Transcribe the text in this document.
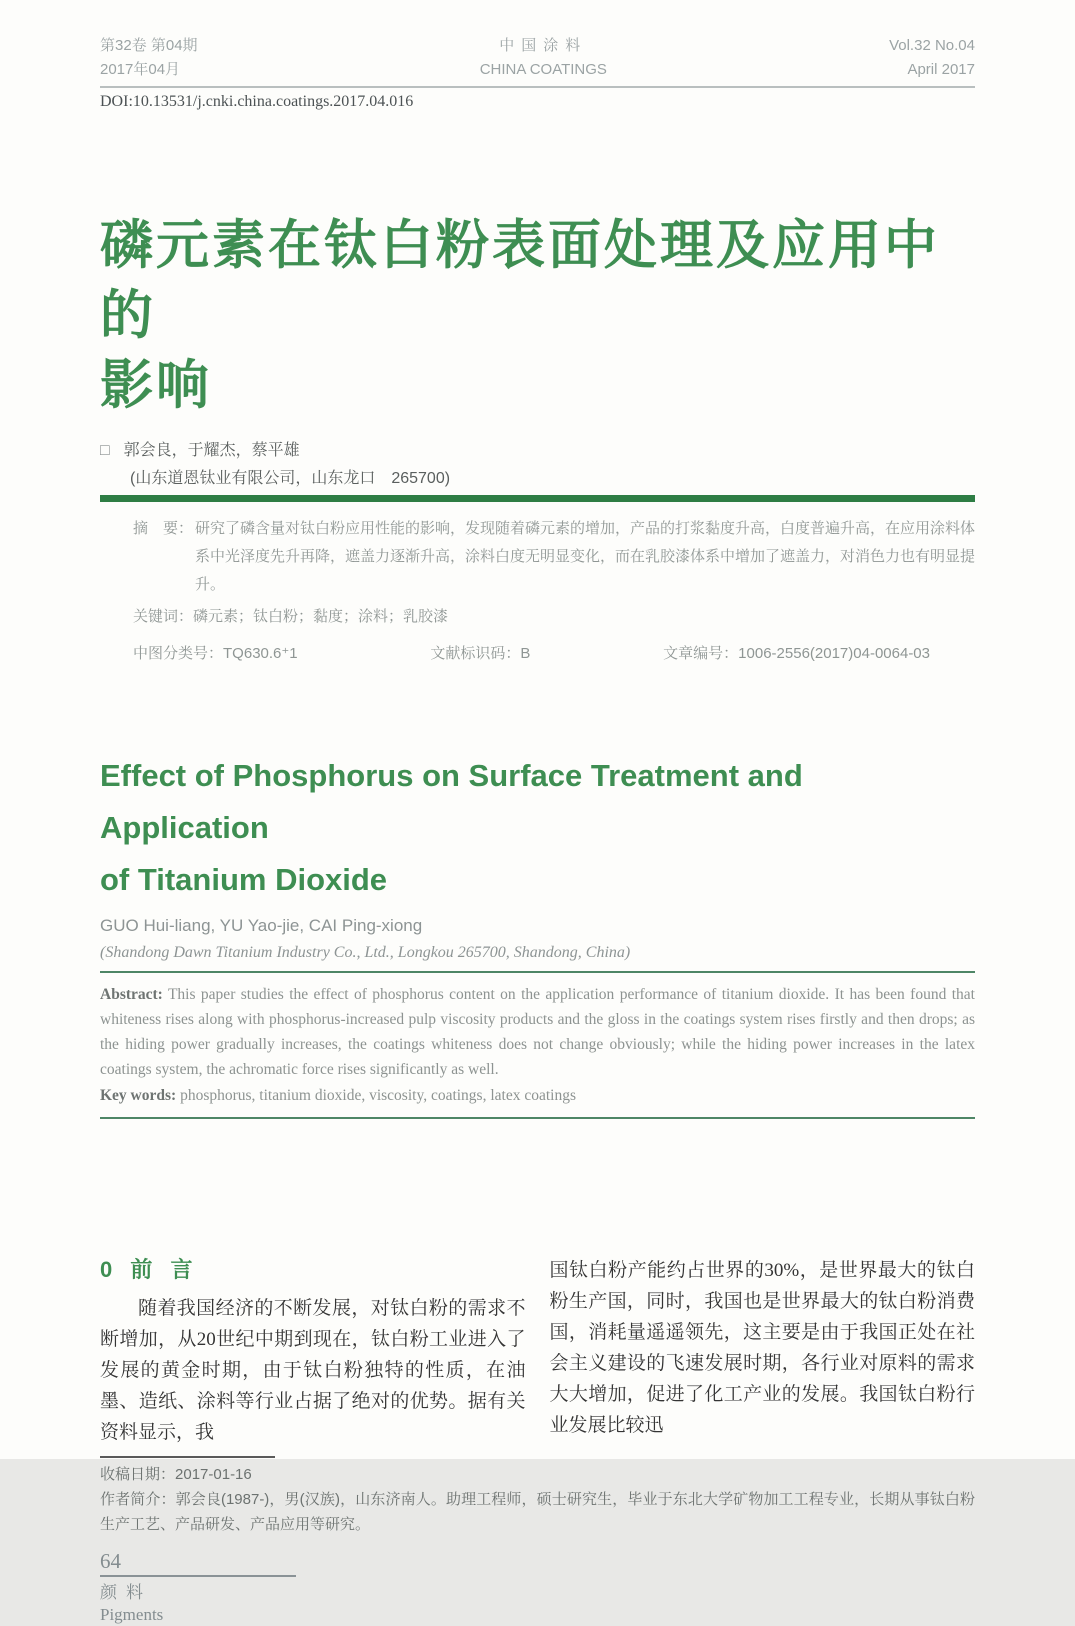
第32卷 第04期
2017年04月
中国涂料
CHINA COATINGS
Vol.32 No.04
April 2017
DOI:10.13531/j.cnki.china.coatings.2017.04.016
磷元素在钛白粉表面处理及应用中的
影响
□ 郭会良，于耀杰，蔡平雄
(山东道恩钛业有限公司，山东龙口　265700)

摘　要： 研究了磷含量对钛白粉应用性能的影响，发现随着磷元素的增加，产品的打浆黏度升高，白度普遍升高，在应用涂料体系中光泽度先升再降，遮盖力逐渐升高，涂料白度无明显变化，而在乳胶漆体系中增加了遮盖力，对消色力也有明显提升。

关键词：磷元素；钛白粉；黏度；涂料；乳胶漆

中图分类号：TQ630.6⁺1	文献标识码：B	文章编号：1006-2556(2017)04-0064-03
Effect of Phosphorus on Surface Treatment and Application
of Titanium Dioxide
GUO Hui-liang, YU Yao-jie, CAI Ping-xiong
(Shandong Dawn Titanium Industry Co., Ltd., Longkou 265700, Shandong, China)

Abstract: This paper studies the effect of phosphorus content on the application performance of titanium dioxide. It has been found that whiteness rises along with phosphorus-increased pulp viscosity products and the gloss in the coatings system rises firstly and then drops; as the hiding power gradually increases, the coatings whiteness does not change obviously; while the hiding power increases in the latex coatings system, the achromatic force rises significantly as well.

Key words: phosphorus, titanium dioxide, viscosity, coatings, latex coatings

0 前 言

随着我国经济的不断发展，对钛白粉的需求不断增加，从20世纪中期到现在，钛白粉工业进入了发展的黄金时期，由于钛白粉独特的性质，在油墨、造纸、涂料等行业占据了绝对的优势。据有关资料显示，我

国钛白粉产能约占世界的30%，是世界最大的钛白粉生产国，同时，我国也是世界最大的钛白粉消费国，消耗量遥遥领先，这主要是由于我国正处在社会主义建设的飞速发展时期，各行业对原料的需求大大增加，促进了化工产业的发展。我国钛白粉行业发展比较迅

收稿日期：2017-01-16

作者简介：郭会良(1987-)，男(汉族)，山东济南人。助理工程师，硕士研究生，毕业于东北大学矿物加工工程专业，长期从事钛白粉生产工艺、产品研发、产品应用等研究。

64
颜料
Pigments
